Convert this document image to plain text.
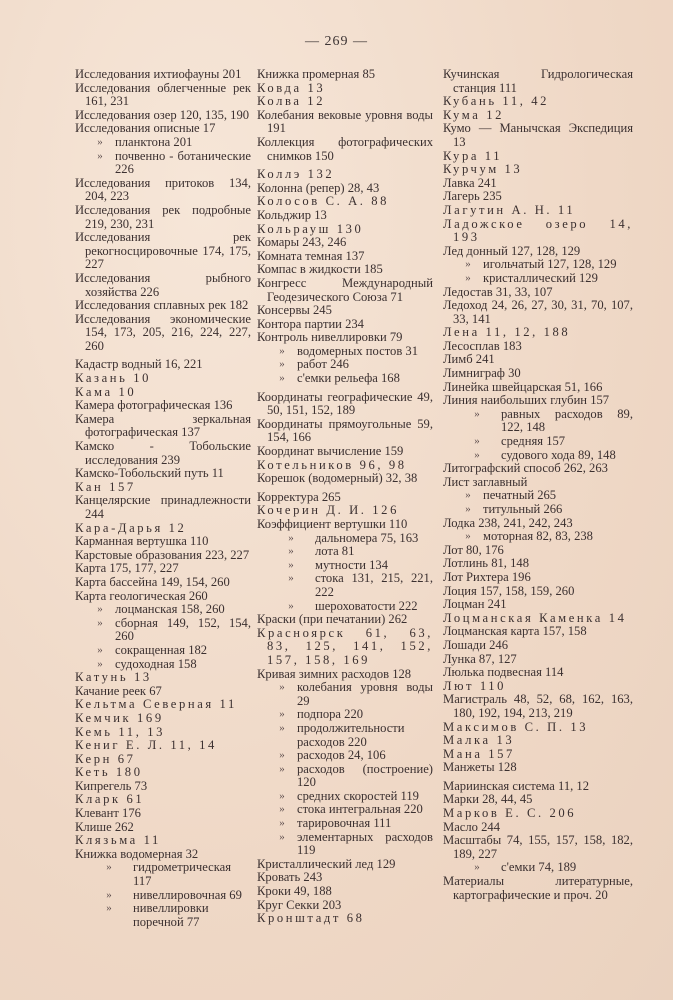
— 269 —
Исследования ихтиофауны 201
Исследования облегченные рек 161, 231
Исследования озер 120, 135, 190
Исследования описные 17
» планктона 201
» почвенно - ботанические 226
Исследования притоков 134, 204, 223
Исследования рек подробные 219, 230, 231
Исследования рек рекогносцировочные 174, 175, 227
Исследования рыбного хозяйства 226
Исследования сплавных рек 182
Исследования экономические 154, 173, 205, 216, 224, 227, 260
Кадастр водный 16, 221
Казань 10
Кама 10
Камера фотографическая 136
Камера зеркальная фотографическая 137
Камско - Тобольские исследования 239
Камско-Тобольский путь 11
Кан 157
Канцелярские принадлежности 244
Кара-Дарья 12
Карманная вертушка 110
Карстовые образования 223, 227
Карта 175, 177, 227
Карта бассейна 149, 154, 260
Карта геологическая 260
» лоцманская 158, 260
» сборная 149, 152, 154, 260
» сокращенная 182
» судоходная 158
Катунь 13
Качание реек 67
Кельтма Северная 11
Кемчик 169
Кемь 11, 13
Кениг Е. Л. 11, 14
Керн 67
Кеть 180
Кипрегель 73
Кларк 61
Клевант 176
Клише 262
Клязьма 11
Книжка водомерная 32
»	гидрометрическая 117
»	нивеллировочная 69
»	нивеллировки поречной 77
Книжка промерная 85
Ковда 13
Колва 12
Колебания вековые уровня воды 191
Коллекция фотографических снимков 150
Коллэ 132
Колонна (репер) 28, 43
Колосов С. А. 88
Кольджир 13
Кольрауш 130
Комары 243, 246
Комната темная 137
Компас в жидкости 185
Конгресс Международный Геодезического Союза 71
Консервы 245
Контора партии 234
Контроль нивеллировки 79
» водомерных постов 31
» работ 246
» с'емки рельефа 168
Координаты географические 49, 50, 151, 152, 189
Координаты прямоугольные 59, 154, 166
Координат вычисление 159
Котельников 96, 98
Корешок (водомерный) 32, 38
Корректура 265
Кочерин Д. И. 126
Коэффициент вертушки 110
»	дальномера 75, 163
»	лота 81
»	мутности 134
»	стока 131, 215, 221, 222
»	шероховатости 222
Краски (при печатании) 262
Красноярск 61, 63, 83, 125, 141, 152, 157, 158, 169
Кривая зимних расходов 128
» колебания уровня воды 29
» подпора 220
» продолжительности расходов 220
» расходов 24, 106
» расходов (построение) 120
» средних скоростей 119
» стока интегральная 220
» тарировочная 111
» элементарных расходов 119
Кристаллический лед 129
Кровать 243
Кроки 49, 188
Круг Секки 203
Кронштадт 68
Кучинская Гидрологическая станция 111
Кубань 11, 42
Кума 12
Кумо — Манычская Экспедиция 13
Кура 11
Курчум 13
Лавка 241
Лагерь 235
Лагутин А. Н. 11
Ладожское озеро 14, 193
Лед донный 127, 128, 129
» игольчатый 127, 128, 129
» кристаллический 129
Ледостав 31, 33, 107
Ледоход 24, 26, 27, 30, 31, 70, 107, 33, 141
Лена 11, 12, 188
Лесосплав 183
Лимб 241
Лимниграф 30
Линейка швейцарская 51, 166
Линия наибольших глубин 157
»	равных расходов 89, 122, 148
»	средняя 157
»	судового хода 89, 148
Литографский способ 262, 263
Лист заглавный
» печатный 265
» титульный 266
Лодка 238, 241, 242, 243
» моторная 82, 83, 238
Лот 80, 176
Лотлинь 81, 148
Лот Рихтера 196
Лоция 157, 158, 159, 260
Лоцман 241
Лоцманская Каменка 14
Лоцманская карта 157, 158
Лошади 246
Лунка 87, 127
Люлька подвесная 114
Лют 110
Магистраль 48, 52, 68, 162, 163, 180, 192, 194, 213, 219
Максимов С. П. 13
Малка 13
Мана 157
Манжеты 128
Мариинская система 11, 12
Марки 28, 44, 45
Марков Е. С. 206
Масло 244
Масштабы 74, 155, 157, 158, 182, 189, 227
»	с'емки 74, 189
Материалы литературные, картографические и проч. 20
